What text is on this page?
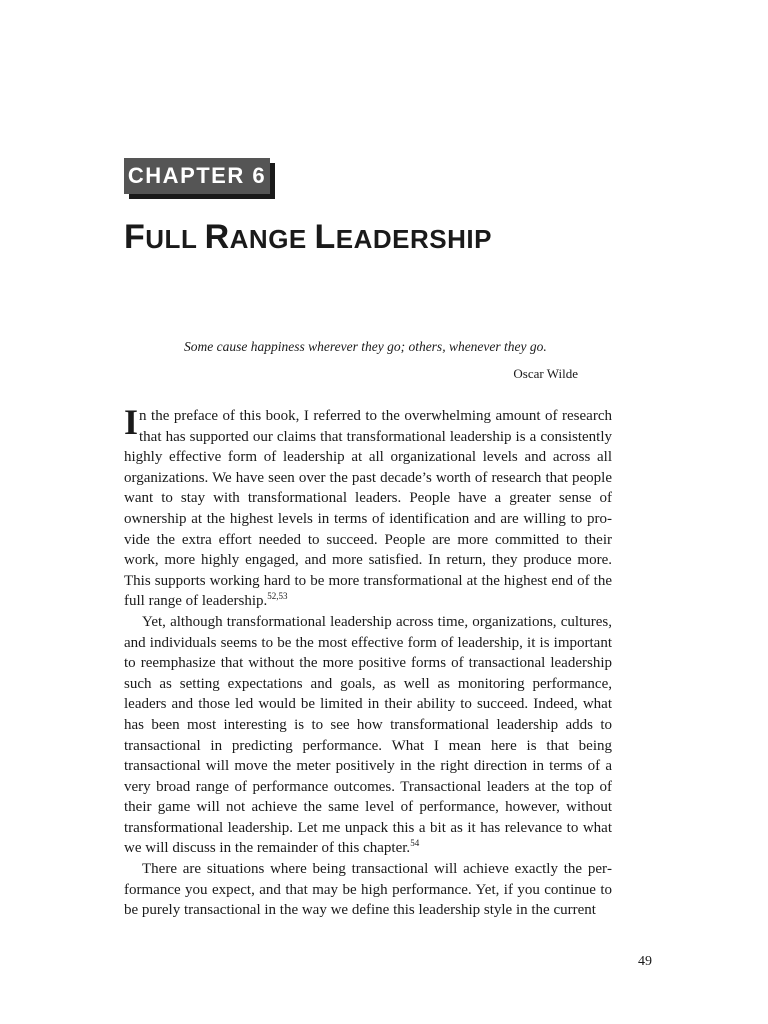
CHAPTER 6
FULL RANGE LEADERSHIP
Some cause happiness wherever they go; others, whenever they go.
Oscar Wilde

In the preface of this book, I referred to the overwhelming amount of research that has supported our claims that transformational leadership is a consistently highly effective form of leadership at all organizational levels and across all organizations. We have seen over the past decade’s worth of research that people want to stay with transformational leaders. People have a greater sense of ownership at the highest levels in terms of identification and are willing to provide the extra effort needed to succeed. People are more committed to their work, more highly engaged, and more satisfied. In return, they produce more. This supports working hard to be more transformational at the highest end of the full range of leadership.$^{52,53}$

Yet, although transformational leadership across time, organizations, cultures, and individuals seems to be the most effective form of leadership, it is important to reemphasize that without the more positive forms of transactional leadership such as setting expectations and goals, as well as monitoring performance, leaders and those led would be limited in their ability to succeed. Indeed, what has been most interesting is to see how transformational leadership adds to transactional in predicting performance. What I mean here is that being transactional will move the meter positively in the right direction in terms of a very broad range of performance outcomes. Transactional leaders at the top of their game will not achieve the same level of performance, however, without transformational leadership. Let me unpack this a bit as it has relevance to what we will discuss in the remainder of this chapter.$^{54}$

There are situations where being transactional will achieve exactly the performance you expect, and that may be high performance. Yet, if you continue to be purely transactional in the way we define this leadership style in the current

49
